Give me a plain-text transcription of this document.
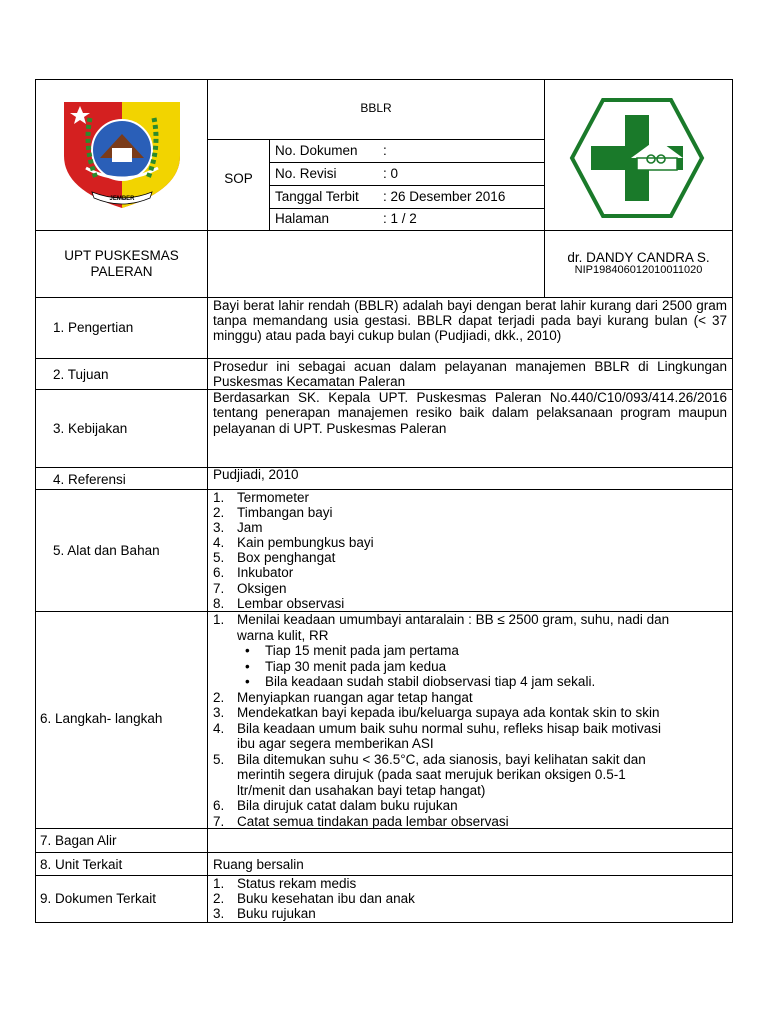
JEMBER
BBLR
SOP
No. Dokumen :
No. Revisi	: 0
Tanggal Terbit : 26 Desember 2016
Halaman	: 1 / 2
UPT PUSKESMAS
PALERAN
dr. DANDY CANDRA S.
NIP198406012010011020
1. Pengertian
2. Tujuan
3. Kebijakan
4. Referensi
5. Alat dan Bahan
6. Langkah- langkah
7. Bagan Alir
8. Unit Terkait
9. Dokumen Terkait
Bayi berat lahir rendah (BBLR) adalah bayi dengan berat lahir kurang dari 2500 gram tanpa memandang usia gestasi. BBLR dapat terjadi pada bayi kurang bulan (< 37 minggu) atau pada bayi cukup bulan (Pudjiadi, dkk., 2010)
Prosedur ini sebagai acuan dalam pelayanan manajemen BBLR di Lingkungan Puskesmas Kecamatan Paleran
Berdasarkan SK. Kepala UPT. Puskesmas Paleran No.440/C10/093/414.26/2016 tentang penerapan manajemen resiko baik dalam pelaksanaan program maupun pelayanan di UPT. Puskesmas Paleran
Pudjiadi, 2010
1. Termometer
2. Timbangan bayi
3. Jam
4. Kain pembungkus bayi
5. Box penghangat
6. Inkubator
7. Oksigen
8. Lembar observasi
1. Menilai keadaan umumbayi antaralain : BB ≤ 2500 gram, suhu, nadi dan
warna kulit, RR
• Tiap 15 menit pada jam pertama
• Tiap 30 menit pada jam kedua
• Bila keadaan sudah stabil diobservasi tiap 4 jam sekali.
2. Menyiapkan ruangan agar tetap hangat
3. Mendekatkan bayi kepada ibu/keluarga supaya ada kontak skin to skin
4. Bila keadaan umum baik suhu normal suhu, refleks hisap baik motivasi
ibu agar segera memberikan ASI
5. Bila ditemukan suhu < 36.5°C, ada sianosis, bayi kelihatan sakit dan
merintih segera dirujuk (pada saat merujuk berikan oksigen 0.5-1
ltr/menit dan usahakan bayi tetap hangat)
6. Bila dirujuk catat dalam buku rujukan
7. Catat semua tindakan pada lembar observasi
Ruang bersalin
1. Status rekam medis
2. Buku kesehatan ibu dan anak
3. Buku rujukan
